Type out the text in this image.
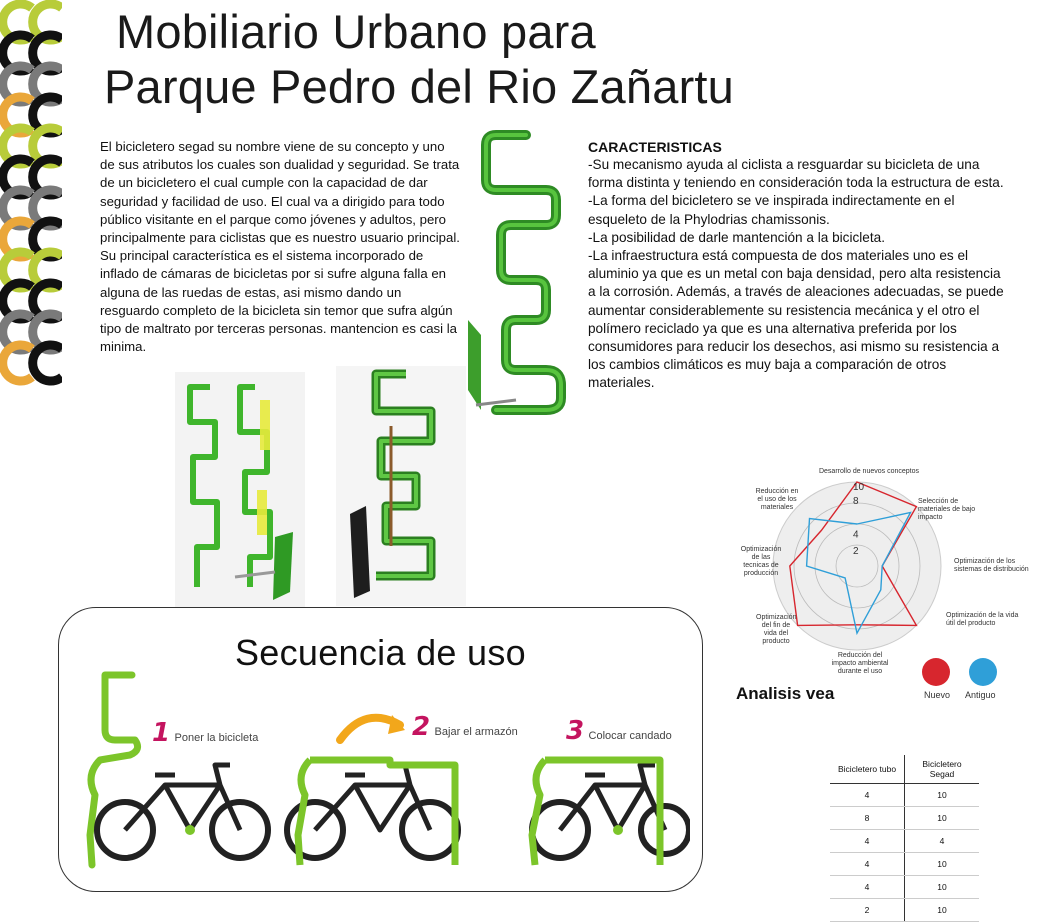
Mobiliario Urbano para
Parque Pedro del Rio Zañartu

El bicicletero segad su nombre viene de su concepto y uno de sus atributos los cuales son dualidad y seguridad. Se trata de un bicicletero el cual cumple con la capacidad de dar seguridad y facilidad de uso. El cual va a dirigido para todo público visitante en el parque como jóvenes y adultos, pero principalmente para ciclistas que es nuestro usuario principal. Su principal característica es el sistema incorporado de inflado de cámaras de bicicletas por si sufre alguna falla en alguna de las ruedas de estas, asi mismo dando un resguardo completo de la bicicleta sin temor que sufra algún tipo de maltrato por terceras personas. mantencion es casi la minima.

CARACTERISTICAS

-Su mecanismo ayuda al ciclista a resguardar su bicicleta de una forma distinta y teniendo en consideración toda la estructura de esta.

-La forma del bicicletero se ve inspirada indirectamente en el esqueleto de la Phylodrias chamissonis.

-La posibilidad de darle mantención a la bicicleta.

-La infraestructura está compuesta de dos materiales uno es el aluminio ya que es un metal con baja densidad, pero alta resistencia a la corrosión. Además, a través de aleaciones adecuadas, se puede aumentar considerablemente su resistencia mecánica y el otro el polímero reciclado ya que es una alternativa preferida por los consumidores para reducir los desechos, asi mismo su resistencia a los cambios climáticos es muy baja a comparación de otros materiales.

10
8
4
2
Desarrollo de nuevos conceptos
Selección de materiales de bajo impacto
Optimización de los sistemas de distribución
Optimización de la vida útil del producto
Reducción del impacto ambiental durante el uso
Optimización del fin de vida del producto
Optimización de las tecnicas de producción
Reducción en el uso de los materiales
Nuevo Antiguo

Analisis vea

Secuencia de uso
1 Poner la bicicleta	2 Bajar el armazón 3 Colocar candado
Bicicletero tubo	Bicicletero Segad
4	10
8	10
4	4
4	10
4	10
2	10
